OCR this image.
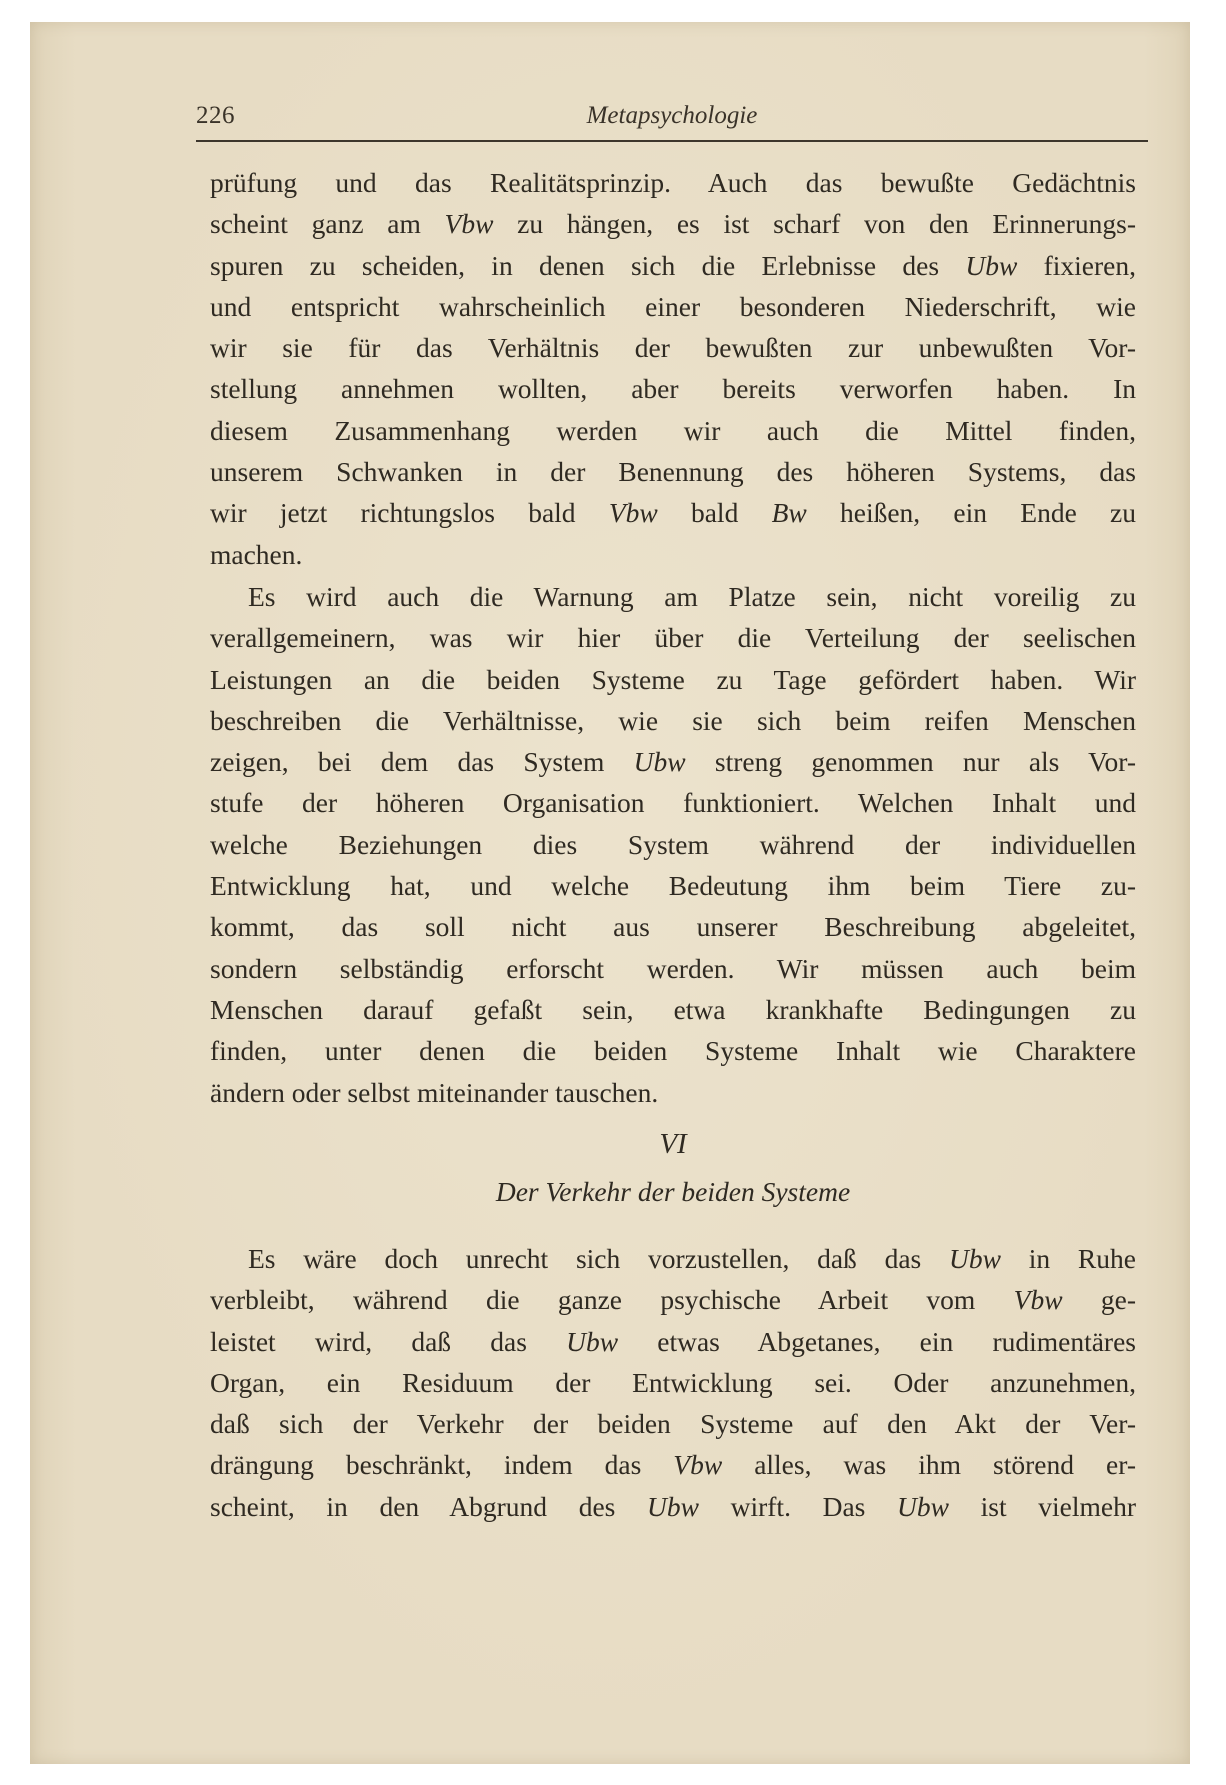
226	Metapsychologie
prüfung und das Realitätsprinzip. Auch das bewußte Gedächtnis
scheint ganz am Vbw zu hängen, es ist scharf von den Erinnerungs-
spuren zu scheiden, in denen sich die Erlebnisse des Ubw fixieren,
und entspricht wahrscheinlich einer besonderen Niederschrift, wie
wir sie für das Verhältnis der bewußten zur unbewußten Vor-
stellung annehmen wollten, aber bereits verworfen haben. In
diesem Zusammenhang werden wir auch die Mittel finden,
unserem Schwanken in der Benennung des höheren Systems, das
wir jetzt richtungslos bald Vbw bald Bw heißen, ein Ende zu
machen.
Es wird auch die Warnung am Platze sein, nicht voreilig zu
verallgemeinern, was wir hier über die Verteilung der seelischen
Leistungen an die beiden Systeme zu Tage gefördert haben. Wir
beschreiben die Verhältnisse, wie sie sich beim reifen Menschen
zeigen, bei dem das System Ubw streng genommen nur als Vor-
stufe der höheren Organisation funktioniert. Welchen Inhalt und
welche Beziehungen dies System während der individuellen
Entwicklung hat, und welche Bedeutung ihm beim Tiere zu-
kommt, das soll nicht aus unserer Beschreibung abgeleitet,
sondern selbständig erforscht werden. Wir müssen auch beim
Menschen darauf gefaßt sein, etwa krankhafte Bedingungen zu
finden, unter denen die beiden Systeme Inhalt wie Charaktere
ändern oder selbst miteinander tauschen.
VI
Der Verkehr der beiden Systeme
Es wäre doch unrecht sich vorzustellen, daß das Ubw in Ruhe
verbleibt, während die ganze psychische Arbeit vom Vbw ge-
leistet wird, daß das Ubw etwas Abgetanes, ein rudimentäres
Organ, ein Residuum der Entwicklung sei. Oder anzunehmen,
daß sich der Verkehr der beiden Systeme auf den Akt der Ver-
drängung beschränkt, indem das Vbw alles, was ihm störend er-
scheint, in den Abgrund des Ubw wirft. Das Ubw ist vielmehr
